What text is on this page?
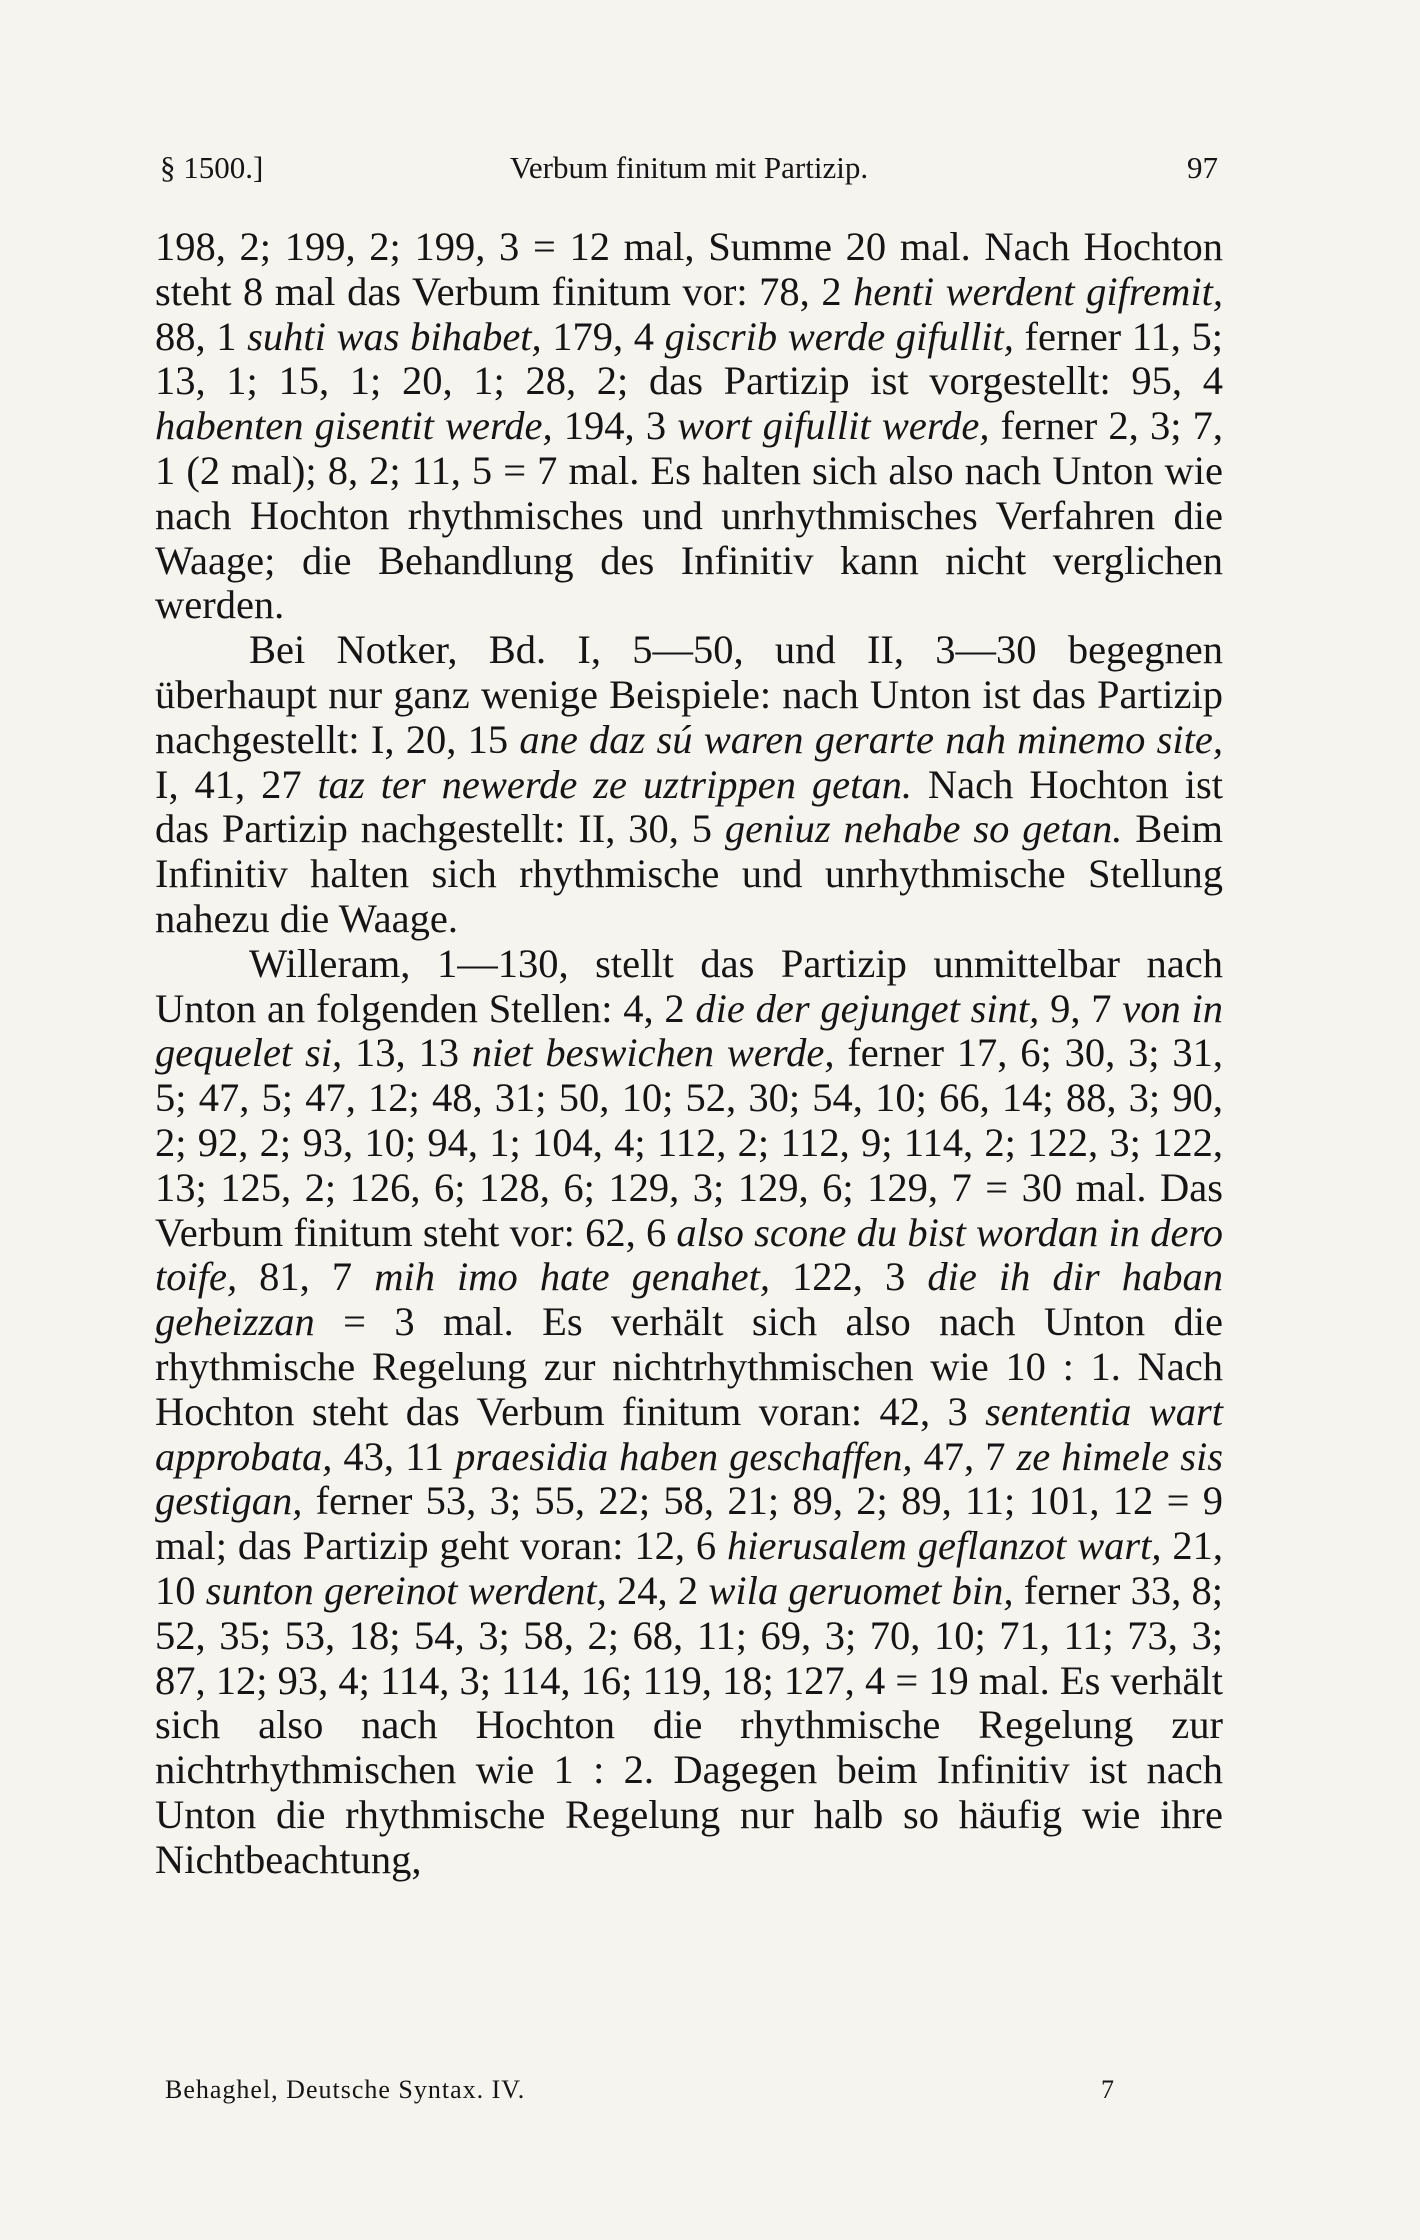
§ 1500.]	Verbum finitum mit Partizip.	97

198, 2; 199, 2; 199, 3 = 12 mal, Summe 20 mal. Nach Hochton steht 8 mal das Verbum finitum vor: 78, 2 henti werdent gifremit, 88, 1 suhti was bihabet, 179, 4 giscrib werde gifullit, ferner 11, 5; 13, 1; 15, 1; 20, 1; 28, 2; das Partizip ist vorgestellt: 95, 4 habenten gisentit werde, 194, 3 wort gifullit werde, ferner 2, 3; 7, 1 (2 mal); 8, 2; 11, 5 = 7 mal. Es halten sich also nach Unton wie nach Hochton rhythmisches und unrhythmisches Verfahren die Waage; die Behandlung des Infinitiv kann nicht verglichen werden.

Bei Notker, Bd. I, 5—50, und II, 3—30 begegnen überhaupt nur ganz wenige Beispiele: nach Unton ist das Partizip nachgestellt: I, 20, 15 ane daz sú waren gerarte nah minemo site, I, 41, 27 taz ter newerde ze uztrippen getan. Nach Hochton ist das Partizip nachgestellt: II, 30, 5 geniuz nehabe so getan. Beim Infinitiv halten sich rhythmische und unrhythmische Stellung nahezu die Waage.

Willeram, 1—130, stellt das Partizip unmittelbar nach Unton an folgenden Stellen: 4, 2 die der gejunget sint, 9, 7 von in gequelet si, 13, 13 niet beswichen werde, ferner 17, 6; 30, 3; 31, 5; 47, 5; 47, 12; 48, 31; 50, 10; 52, 30; 54, 10; 66, 14; 88, 3; 90, 2; 92, 2; 93, 10; 94, 1; 104, 4; 112, 2; 112, 9; 114, 2; 122, 3; 122, 13; 125, 2; 126, 6; 128, 6; 129, 3; 129, 6; 129, 7 = 30 mal. Das Verbum finitum steht vor: 62, 6 also scone du bist wordan in dero toife, 81, 7 mih imo hate genahet, 122, 3 die ih dir haban geheizzan = 3 mal. Es verhält sich also nach Unton die rhythmische Regelung zur nichtrhythmischen wie 10 : 1. Nach Hochton steht das Verbum finitum voran: 42, 3 sententia wart approbata, 43, 11 praesidia haben geschaffen, 47, 7 ze himele sis gestigan, ferner 53, 3; 55, 22; 58, 21; 89, 2; 89, 11; 101, 12 = 9 mal; das Partizip geht voran: 12, 6 hierusalem geflanzot wart, 21, 10 sunton gereinot werdent, 24, 2 wila geruomet bin, ferner 33, 8; 52, 35; 53, 18; 54, 3; 58, 2; 68, 11; 69, 3; 70, 10; 71, 11; 73, 3; 87, 12; 93, 4; 114, 3; 114, 16; 119, 18; 127, 4 = 19 mal. Es verhält sich also nach Hochton die rhythmische Regelung zur nichtrhythmischen wie 1 : 2. Dagegen beim Infinitiv ist nach Unton die rhythmische Regelung nur halb so häufig wie ihre Nichtbeachtung,

Behaghel, Deutsche Syntax. IV.	7
